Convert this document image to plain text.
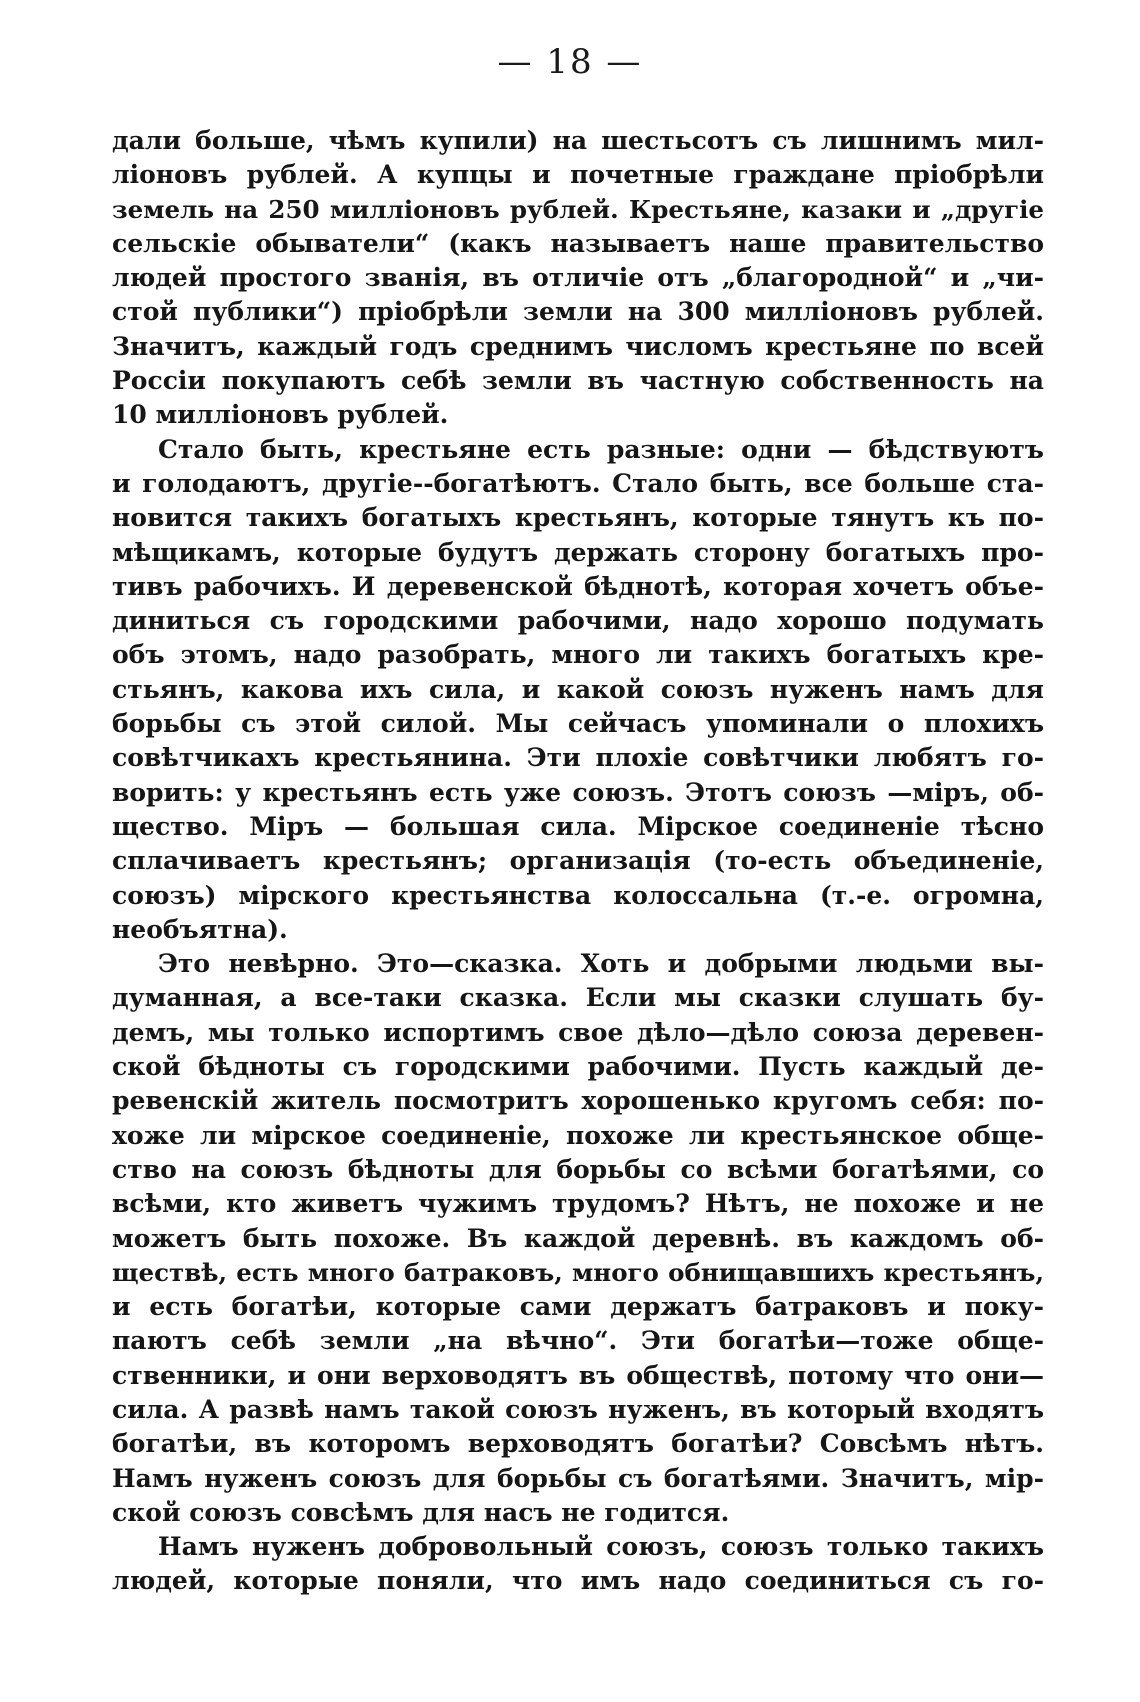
— 18 —
дали больше, чѣмъ купили) на шестьсотъ съ лишнимъ мил-
ліоновъ рублей. А купцы и почетные граждане пріобрѣли
земель на 250 милліоновъ рублей. Крестьяне, казаки и „другіе
сельскіе обыватели“ (какъ называетъ наше правительство
людей простого званія, въ отличіе отъ „благородной“ и „чи-
стой публики“) пріобрѣли земли на 300 милліоновъ рублей.
Значитъ, каждый годъ среднимъ числомъ крестьяне по всей
Россіи покупаютъ себѣ земли въ частную собственность на
10 милліоновъ рублей.
Стало быть, крестьяне есть разные: одни — бѣдствуютъ
и голодаютъ, другіе--богатѣютъ. Стало быть, все больше ста-
новится такихъ богатыхъ крестьянъ, которые тянутъ къ по-
мѣщикамъ, которые будутъ держать сторону богатыхъ про-
тивъ рабочихъ. И деревенской бѣднотѣ, которая хочетъ объе-
диниться съ городскими рабочими, надо хорошо подумать
объ этомъ, надо разобрать, много ли такихъ богатыхъ кре-
стьянъ, какова ихъ сила, и какой союзъ нуженъ намъ для
борьбы съ этой силой. Мы сейчасъ упоминали о плохихъ
совѣтчикахъ крестьянина. Эти плохіе совѣтчики любятъ го-
ворить: у крестьянъ есть уже союзъ. Этотъ союзъ —міръ, об-
щество. Міръ — большая сила. Мірское соединеніе тѣсно
сплачиваетъ крестьянъ; организація (то-есть объединеніе,
союзъ) мірского крестьянства колоссальна (т.-е. огромна,
необъятна).
Это невѣрно. Это—сказка. Хоть и добрыми людьми вы-
думанная, а все-таки сказка. Если мы сказки слушать бу-
демъ, мы только испортимъ свое дѣло—дѣло союза деревен-
ской бѣдноты съ городскими рабочими. Пусть каждый де-
ревенскій житель посмотритъ хорошенько кругомъ себя: по-
хоже ли мірское соединеніе, похоже ли крестьянское обще-
ство на союзъ бѣдноты для борьбы со всѣми богатѣями, со
всѣми, кто живетъ чужимъ трудомъ? Нѣтъ, не похоже и не
можетъ быть похоже. Въ каждой деревнѣ. въ каждомъ об-
ществѣ, есть много батраковъ, много обнищавшихъ крестьянъ,
и есть богатѣи, которые сами держатъ батраковъ и поку-
паютъ себѣ земли „на вѣчно“. Эти богатѣи—тоже обще-
ственники, и они верховодятъ въ обществѣ, потому что они—
сила. А развѣ намъ такой союзъ нуженъ, въ который входятъ
богатѣи, въ которомъ верховодятъ богатѣи? Совсѣмъ нѣтъ.
Намъ нуженъ союзъ для борьбы съ богатѣями. Значитъ, мір-
ской союзъ совсѣмъ для насъ не годится.
Намъ нуженъ добровольный союзъ, союзъ только такихъ
людей, которые поняли, что имъ надо соединиться съ го-
